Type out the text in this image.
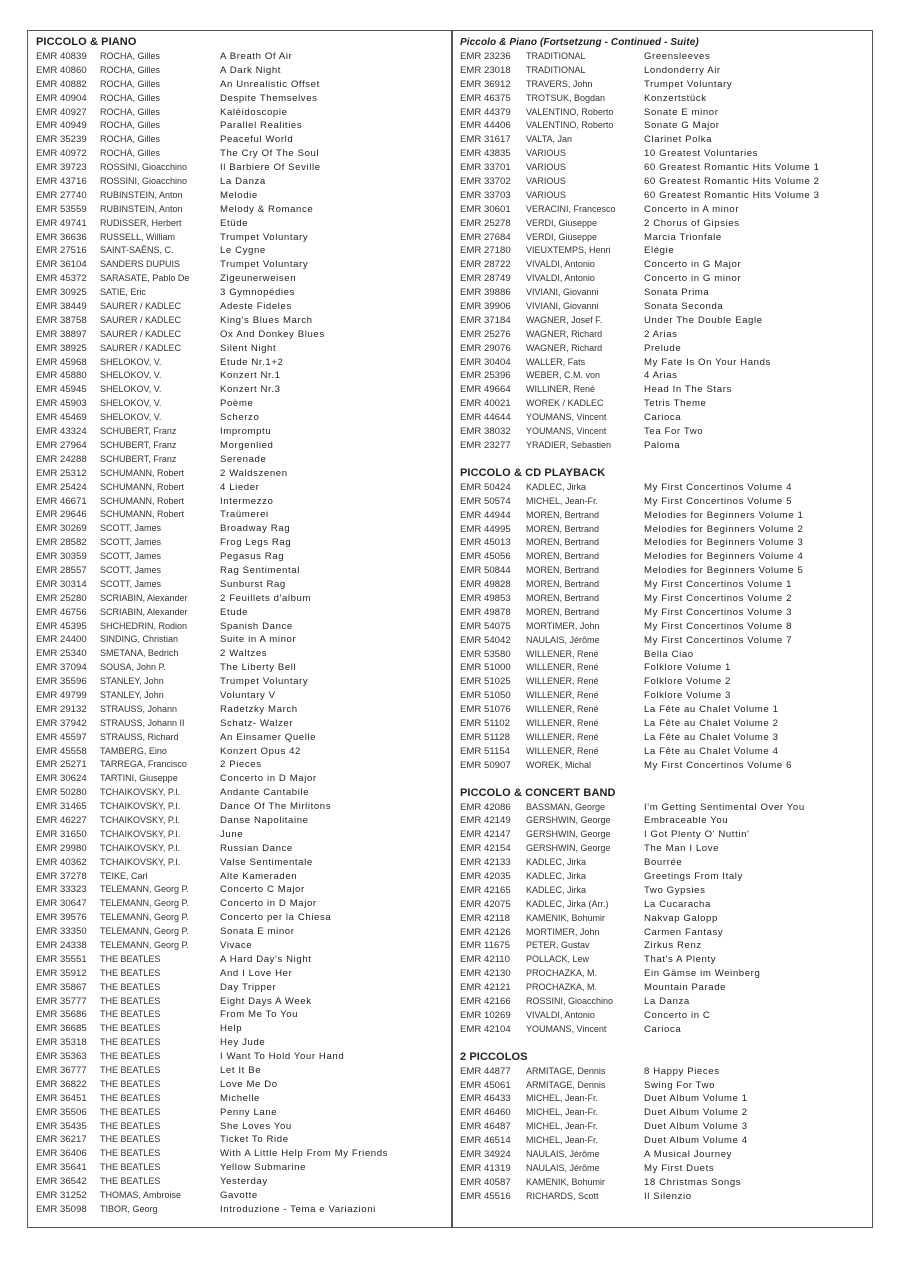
PICCOLO & PIANO
EMR 40839	ROCHA, Gilles	A Breath Of Air
EMR 40860	ROCHA, Gilles	A Dark Night
EMR 40882	ROCHA, Gilles	An Unrealistic Offset
EMR 40904	ROCHA, Gilles	Despite Themselves
EMR 40927	ROCHA, Gilles	Kaléidoscopie
EMR 40949	ROCHA, Gilles	Parallel Realities
EMR 35239	ROCHA, Gilles	Peaceful World
EMR 40972	ROCHA, Gilles	The Cry Of The Soul
EMR 39723	ROSSINI, Gioacchino	Il Barbiere Of Seville
EMR 43716	ROSSINI, Gioacchino	La Danza
EMR 27740	RUBINSTEIN, Anton	Melodie
EMR 53559	RUBINSTEIN, Anton	Melody & Romance
EMR 49741	RUDISSER, Herbert	Etüde
EMR 36636	RUSSELL, William	Trumpet Voluntary
EMR 27516	SAINT-SAËNS, C.	Le Cygne
EMR 36104	SANDERS DUPUIS	Trumpet Voluntary
EMR 45372	SARASATE, Pablo De	Zigeunerweisen
EMR 30925	SATIE, Eric	3 Gymnopédies
EMR 38449	SAURER / KADLEC	Adeste Fideles
EMR 38758	SAURER / KADLEC	King's Blues March
EMR 38897	SAURER / KADLEC	Ox And Donkey Blues
EMR 38925	SAURER / KADLEC	Silent Night
EMR 45968	SHELOKOV, V.	Etude Nr.1+2
EMR 45880	SHELOKOV, V.	Konzert Nr.1
EMR 45945	SHELOKOV, V.	Konzert Nr.3
EMR 45903	SHELOKOV, V.	Poème
EMR 45469	SHELOKOV, V.	Scherzo
EMR 43324	SCHUBERT, Franz	Impromptu
EMR 27964	SCHUBERT, Franz	Morgenlied
EMR 24288	SCHUBERT, Franz	Serenade
EMR 25312	SCHUMANN, Robert	2 Waldszenen
EMR 25424	SCHUMANN, Robert	4 Lieder
EMR 46671	SCHUMANN, Robert	Intermezzo
EMR 29646	SCHUMANN, Robert	Traümerei
EMR 30269	SCOTT, James	Broadway Rag
EMR 28582	SCOTT, James	Frog Legs Rag
EMR 30359	SCOTT, James	Pegasus Rag
EMR 28557	SCOTT, James	Rag Sentimental
EMR 30314	SCOTT, James	Sunburst Rag
EMR 25280	SCRIABIN, Alexander	2 Feuillets d'album
EMR 46756	SCRIABIN, Alexander	Etude
EMR 45395	SHCHEDRIN, Rodion	Spanish Dance
EMR 24400	SINDING, Christian	Suite in A minor
EMR 25340	SMETANA, Bedrich	2 Waltzes
EMR 37094	SOUSA, John P.	The Liberty Bell
EMR 35596	STANLEY, John	Trumpet Voluntary
EMR 49799	STANLEY, John	Voluntary V
EMR 29132	STRAUSS, Johann	Radetzky March
EMR 37942	STRAUSS, Johann II	Schatz- Walzer
EMR 45597	STRAUSS, Richard	An Einsamer Quelle
EMR 45558	TAMBERG, Eino	Konzert Opus 42
EMR 25271	TARREGA, Francisco	2 Pieces
EMR 30624	TARTINI, Giuseppe	Concerto in D Major
EMR 50280	TCHAIKOVSKY, P.I.	Andante Cantabile
EMR 31465	TCHAIKOVSKY, P.I.	Dance Of The Mirlitons
EMR 46227	TCHAIKOVSKY, P.I.	Danse Napolitaine
EMR 31650	TCHAIKOVSKY, P.I.	June
EMR 29980	TCHAIKOVSKY, P.I.	Russian Dance
EMR 40362	TCHAIKOVSKY, P.I.	Valse Sentimentale
EMR 37278	TEIKE, Carl	Alte Kameraden
EMR 33323	TELEMANN, Georg P.	Concerto C Major
EMR 30647	TELEMANN, Georg P.	Concerto in D Major
EMR 39576	TELEMANN, Georg P.	Concerto per la Chiesa
EMR 33350	TELEMANN, Georg P.	Sonata E minor
EMR 24338	TELEMANN, Georg P.	Vivace
EMR 35551	THE BEATLES	A Hard Day's Night
EMR 35912	THE BEATLES	And I Love Her
EMR 35867	THE BEATLES	Day Tripper
EMR 35777	THE BEATLES	Eight Days A Week
EMR 35686	THE BEATLES	From Me To You
EMR 36685	THE BEATLES	Help
EMR 35318	THE BEATLES	Hey Jude
EMR 35363	THE BEATLES	I Want To Hold Your Hand
EMR 36777	THE BEATLES	Let It Be
EMR 36822	THE BEATLES	Love Me Do
EMR 36451	THE BEATLES	Michelle
EMR 35506	THE BEATLES	Penny Lane
EMR 35435	THE BEATLES	She Loves You
EMR 36217	THE BEATLES	Ticket To Ride
EMR 36406	THE BEATLES	With A Little Help From My Friends
EMR 35641	THE BEATLES	Yellow Submarine
EMR 36542	THE BEATLES	Yesterday
EMR 31252	THOMAS, Ambroise	Gavotte
EMR 35098	TIBOR, Georg	Introduzione - Tema e Variazioni
Piccolo & Piano (Fortsetzung - Continued - Suite)
EMR 23236	TRADITIONAL	Greensleeves
EMR 23018	TRADITIONAL	Londonderry Air
EMR 36912	TRAVERS, John	Trumpet Voluntary
EMR 46375	TROTSUK, Bogdan	Konzertstück
EMR 44379	VALENTINO, Roberto	Sonate E minor
EMR 44406	VALENTINO, Roberto	Sonate G Major
EMR 31617	VALTA, Jan	Clarinet Polka
EMR 43835	VARIOUS	10 Greatest Voluntaries
EMR 33701	VARIOUS	60 Greatest Romantic Hits Volume 1
EMR 33702	VARIOUS	60 Greatest Romantic Hits Volume 2
EMR 33703	VARIOUS	60 Greatest Romantic Hits Volume 3
EMR 30601	VERACINI, Francesco	Concerto in A minor
EMR 25278	VERDI, Giuseppe	2 Chorus of Gipsies
EMR 27684	VERDI, Giuseppe	Marcia Trionfale
EMR 27180	VIEUXTEMPS, Henri	Elégie
EMR 28722	VIVALDI, Antonio	Concerto in G Major
EMR 28749	VIVALDI, Antonio	Concerto in G minor
EMR 39886	VIVIANI, Giovanni	Sonata Prima
EMR 39906	VIVIANI, Giovanni	Sonata Seconda
EMR 37184	WAGNER, Josef F.	Under The Double Eagle
EMR 25276	WAGNER, Richard	2 Arias
EMR 29076	WAGNER, Richard	Prelude
EMR 30404	WALLER, Fats	My Fate Is On Your Hands
EMR 25396	WEBER, C.M. von	4 Arias
EMR 49664	WILLINER, René	Head In The Stars
EMR 40021	WOREK / KADLEC	Tetris Theme
EMR 44644	YOUMANS, Vincent	Carioca
EMR 38032	YOUMANS, Vincent	Tea For Two
EMR 23277	YRADIER, Sebastien	Paloma
PICCOLO & CD PLAYBACK
EMR 50424	KADLEC, Jirka	My First Concertinos Volume 4
EMR 50574	MICHEL, Jean-Fr.	My First Concertinos Volume 5
EMR 44944	MOREN, Bertrand	Melodies for Beginners Volume 1
EMR 44995	MOREN, Bertrand	Melodies for Beginners Volume 2
EMR 45013	MOREN, Bertrand	Melodies for Beginners Volume 3
EMR 45056	MOREN, Bertrand	Melodies for Beginners Volume 4
EMR 50844	MOREN, Bertrand	Melodies for Beginners Volume 5
EMR 49828	MOREN, Bertrand	My First Concertinos Volume 1
EMR 49853	MOREN, Bertrand	My First Concertinos Volume 2
EMR 49878	MOREN, Bertrand	My First Concertinos Volume 3
EMR 54075	MORTIMER, John	My First Concertinos Volume 8
EMR 54042	NAULAIS, Jérôme	My First Concertinos Volume 7
EMR 53580	WILLENER, René	Bella Ciao
EMR 51000	WILLENER, René	Folklore Volume 1
EMR 51025	WILLENER, René	Folklore Volume 2
EMR 51050	WILLENER, René	Folklore Volume 3
EMR 51076	WILLENER, René	La Fête au Chalet Volume 1
EMR 51102	WILLENER, René	La Fête au Chalet Volume 2
EMR 51128	WILLENER, René	La Fête au Chalet Volume 3
EMR 51154	WILLENER, René	La Fête au Chalet Volume 4
EMR 50907	WOREK, Michal	My First Concertinos Volume 6
PICCOLO & CONCERT BAND
EMR 42086	BASSMAN, George	I'm Getting Sentimental Over You
EMR 42149	GERSHWIN, George	Embraceable You
EMR 42147	GERSHWIN, George	I Got Plenty O' Nuttin'
EMR 42154	GERSHWIN, George	The Man I Love
EMR 42133	KADLEC, Jirka	Bourrée
EMR 42035	KADLEC, Jirka	Greetings From Italy
EMR 42165	KADLEC, Jirka	Two Gypsies
EMR 42075	KADLEC, Jirka (Arr.)	La Cucaracha
EMR 42118	KAMENIK, Bohumir	Nakvap Galopp
EMR 42126	MORTIMER, John	Carmen Fantasy
EMR 11675	PETER, Gustav	Zirkus Renz
EMR 42110	POLLACK, Lew	That's A Plenty
EMR 42130	PROCHAZKA, M.	Ein Gämse im Weinberg
EMR 42121	PROCHAZKA, M.	Mountain Parade
EMR 42166	ROSSINI, Gioacchino	La Danza
EMR 10269	VIVALDI, Antonio	Concerto in C
EMR 42104	YOUMANS, Vincent	Carioca
2 PICCOLOS
EMR 44877	ARMITAGE, Dennis	8 Happy Pieces
EMR 45061	ARMITAGE, Dennis	Swing For Two
EMR 46433	MICHEL, Jean-Fr.	Duet Album Volume 1
EMR 46460	MICHEL, Jean-Fr.	Duet Album Volume 2
EMR 46487	MICHEL, Jean-Fr.	Duet Album Volume 3
EMR 46514	MICHEL, Jean-Fr.	Duet Album Volume 4
EMR 34924	NAULAIS, Jérôme	A Musical Journey
EMR 41319	NAULAIS, Jérôme	My First Duets
EMR 40587	KAMENIK, Bohumir	18 Christmas Songs
EMR 45516	RICHARDS, Scott	Il Silenzio
